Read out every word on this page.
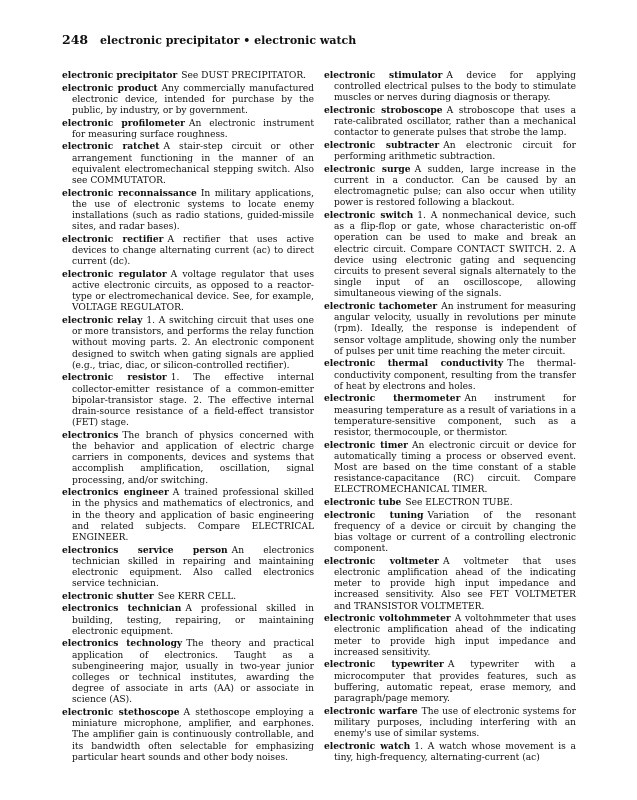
248 electronic precipitator • electronic watch

electronic precipitator See DUST PRECIPITATOR.

electronic product Any commercially manufactured electronic device, intended for purchase by the public, by industry, or by government.

electronic profilometer An electronic instrument for measuring surface roughness.

electronic ratchet A stair-step circuit or other arrangement functioning in the manner of an equivalent electromechanical stepping switch. Also see COMMUTATOR.

electronic reconnaissance In military applications, the use of electronic systems to locate enemy installations (such as radio stations, guided-missile sites, and radar bases).

electronic rectifier A rectifier that uses active devices to change alternating current (ac) to direct current (dc).

electronic regulator A voltage regulator that uses active electronic circuits, as opposed to a reactor-type or electromechanical device. See, for example, VOLTAGE REGULATOR.

electronic relay 1. A switching circuit that uses one or more transistors, and performs the relay function without moving parts. 2. An electronic component designed to switch when gating signals are applied (e.g., triac, diac, or silicon-controlled rectifier).

electronic resistor 1. The effective internal collector-emitter resistance of a common-emitter bipolar-transistor stage. 2. The effective internal drain-source resistance of a field-effect transistor (FET) stage.

electronics The branch of physics concerned with the behavior and application of electric charge carriers in components, devices and systems that accomplish amplification, oscillation, signal processing, and/or switching.

electronics engineer A trained professional skilled in the physics and mathematics of electronics, and in the theory and application of basic engineering and related subjects. Compare ELECTRICAL ENGINEER.

electronics service person An electronics technician skilled in repairing and maintaining electronic equipment. Also called electronics service technician.

electronic shutter See KERR CELL.

electronics technician A professional skilled in building, testing, repairing, or maintaining electronic equipment.

electronics technology The theory and practical application of electronics. Taught as a subengineering major, usually in two-year junior colleges or technical institutes, awarding the degree of associate in arts (AA) or associate in science (AS).

electronic stethoscope A stethoscope employing a miniature microphone, amplifier, and earphones. The amplifier gain is continuously controllable, and its bandwidth often selectable for emphasizing particular heart sounds and other body noises.

electronic stimulator A device for applying controlled electrical pulses to the body to stimulate muscles or nerves during diagnosis or therapy.

electronic stroboscope A stroboscope that uses a rate-calibrated oscillator, rather than a mechanical contactor to generate pulses that strobe the lamp.

electronic subtracter An electronic circuit for performing arithmetic subtraction.

electronic surge A sudden, large increase in the current in a conductor. Can be caused by an electromagnetic pulse; can also occur when utility power is restored following a blackout.

electronic switch 1. A nonmechanical device, such as a flip-flop or gate, whose characteristic on-off operation can be used to make and break an electric circuit. Compare CONTACT SWITCH. 2. A device using electronic gating and sequencing circuits to present several signals alternately to the single input of an oscilloscope, allowing simultaneous viewing of the signals.

electronic tachometer An instrument for measuring angular velocity, usually in revolutions per minute (rpm). Ideally, the response is independent of sensor voltage amplitude, showing only the number of pulses per unit time reaching the meter circuit.

electronic thermal conductivity The thermal-conductivity component, resulting from the transfer of heat by electrons and holes.

electronic thermometer An instrument for measuring temperature as a result of variations in a temperature-sensitive component, such as a resistor, thermocouple, or thermistor.

electronic timer An electronic circuit or device for automatically timing a process or observed event. Most are based on the time constant of a stable resistance-capacitance (RC) circuit. Compare ELECTROMECHANICAL TIMER.

electronic tube See ELECTRON TUBE.

electronic tuning Variation of the resonant frequency of a device or circuit by changing the bias voltage or current of a controlling electronic component.

electronic voltmeter A voltmeter that uses electronic amplification ahead of the indicating meter to provide high input impedance and increased sensitivity. Also see FET VOLTMETER and TRANSISTOR VOLTMETER.

electronic voltohmmeter A voltohmmeter that uses electronic amplification ahead of the indicating meter to provide high input impedance and increased sensitivity.

electronic typewriter A typewriter with a microcomputer that provides features, such as buffering, automatic repeat, erase memory, and paragraph/page memory.

electronic warfare The use of electronic systems for military purposes, including interfering with an enemy's use of similar systems.

electronic watch 1. A watch whose movement is a tiny, high-frequency, alternating-current (ac)
